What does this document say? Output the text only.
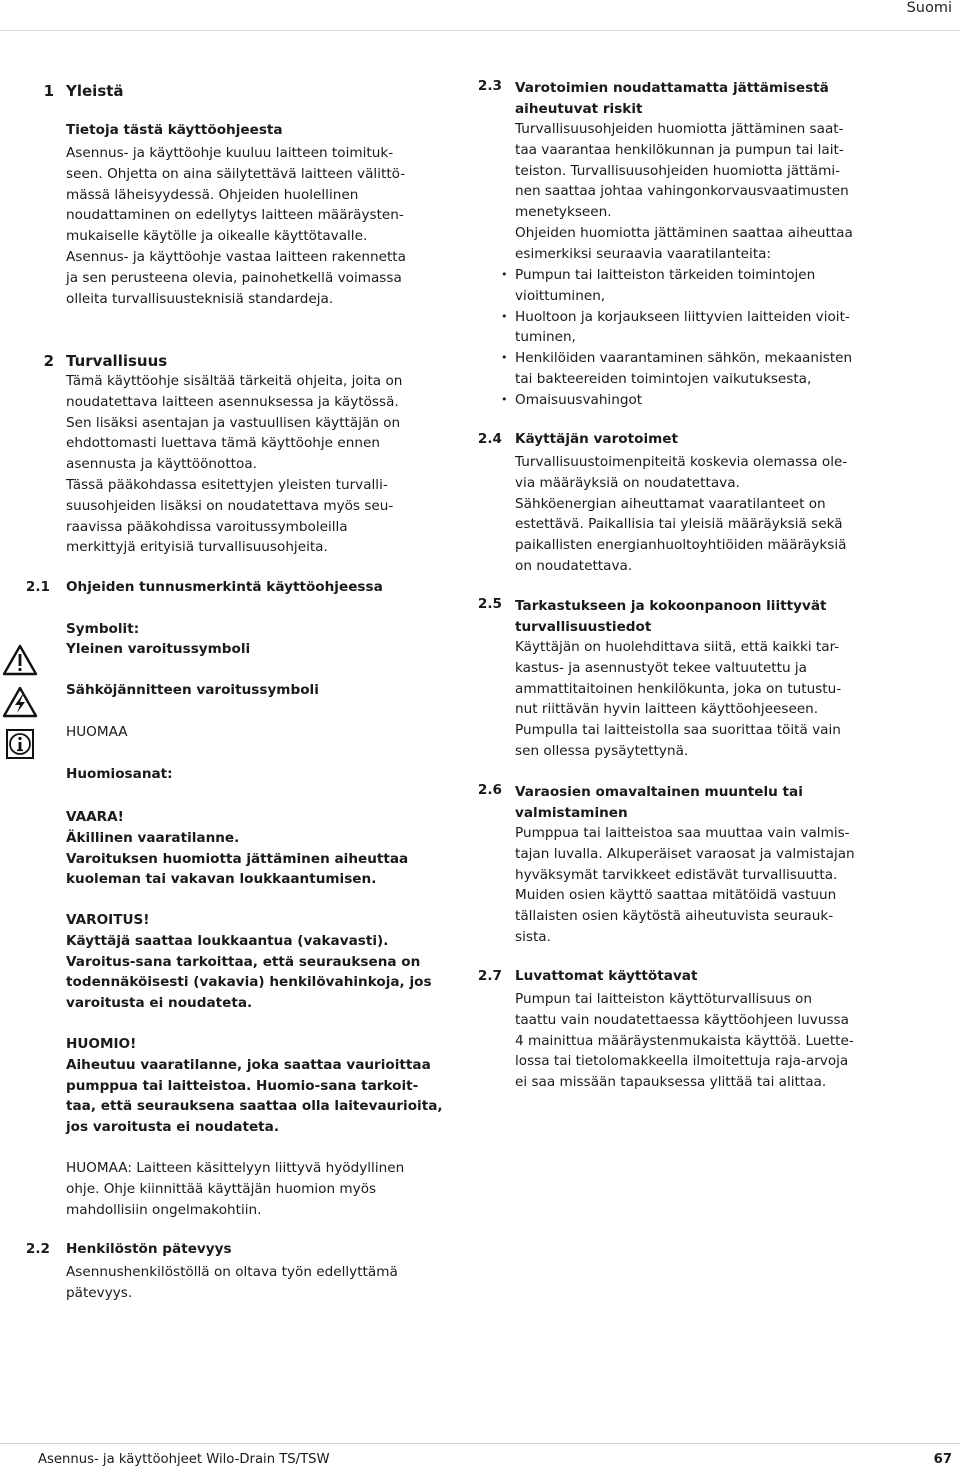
Suomi
1 Yleistä
Tietoja tästä käyttöohjeesta
Asennus- ja käyttöohje kuuluu laitteen toimituk-
seen. Ohjetta on aina säilytettävä laitteen välittö-
mässä läheisyydessä. Ohjeiden huolellinen
noudattaminen on edellytys laitteen määräysten-
mukaiselle käytölle ja oikealle käyttötavalle.
Asennus- ja käyttöohje vastaa laitteen rakennetta
ja sen perusteena olevia, painohetkellä voimassa
olleita turvallisuusteknisiä standardeja.
2 Turvallisuus
Tämä käyttöohje sisältää tärkeitä ohjeita, joita on
noudatettava laitteen asennuksessa ja käytössä.
Sen lisäksi asentajan ja vastuullisen käyttäjän on
ehdottomasti luettava tämä käyttöohje ennen
asennusta ja käyttöönottoa.
Tässä pääkohdassa esitettyjen yleisten turvalli-
suusohjeiden lisäksi on noudatettava myös seu-
raavissa pääkohdissa varoitussymboleilla
merkittyjä erityisiä turvallisuusohjeita.
2.1 Ohjeiden tunnusmerkintä käyttöohjeessa
Symbolit:
Yleinen varoitussymboli
Sähköjännitteen varoitussymboli
HUOMAA
Huomiosanat:
VAARA!
Äkillinen vaaratilanne.
Varoituksen huomiotta jättäminen aiheuttaa
kuoleman tai vakavan loukkaantumisen.
VAROITUS!
Käyttäjä saattaa loukkaantua (vakavasti).
Varoitus-sana tarkoittaa, että seurauksena on
todennäköisesti (vakavia) henkilövahinkoja, jos
varoitusta ei noudateta.
HUOMIO!
Aiheutuu vaaratilanne, joka saattaa vaurioittaa
pumppua tai laitteistoa. Huomio-sana tarkoit-
taa, että seurauksena saattaa olla laitevaurioita,
jos varoitusta ei noudateta.
HUOMAA: Laitteen käsittelyyn liittyvä hyödyllinen
ohje. Ohje kiinnittää käyttäjän huomion myös
mahdollisiin ongelmakohtiin.
2.2 Henkilöstön pätevyys
Asennushenkilöstöllä on oltava työn edellyttämä
pätevyys.
2.3 Varotoimien noudattamatta jättämisestä
aiheutuvat riskit
Turvallisuusohjeiden huomiotta jättäminen saat-
taa vaarantaa henkilökunnan ja pumpun tai lait-
teiston. Turvallisuusohjeiden huomiotta jättämi-
nen saattaa johtaa vahingonkorvausvaatimusten
menetykseen.
Ohjeiden huomiotta jättäminen saattaa aiheuttaa
esimerkiksi seuraavia vaaratilanteita:
• Pumpun tai laitteiston tärkeiden toimintojen
vioittuminen,
• Huoltoon ja korjaukseen liittyvien laitteiden vioit-
tuminen,
• Henkilöiden vaarantaminen sähkön, mekaanisten
tai bakteereiden toimintojen vaikutuksesta,
• Omaisuusvahingot
2.4 Käyttäjän varotoimet
Turvallisuustoimenpiteitä koskevia olemassa ole-
via määräyksiä on noudatettava.
Sähköenergian aiheuttamat vaaratilanteet on
estettävä. Paikallisia tai yleisiä määräyksiä sekä
paikallisten energianhuoltoyhtiöiden määräyksiä
on noudatettava.
2.5 Tarkastukseen ja kokoonpanoon liittyvät
turvallisuustiedot
Käyttäjän on huolehdittava siitä, että kaikki tar-
kastus- ja asennustyöt tekee valtuutettu ja
ammattitaitoinen henkilökunta, joka on tutustu-
nut riittävän hyvin laitteen käyttöohjeeseen.
Pumpulla tai laitteistolla saa suorittaa töitä vain
sen ollessa pysäytettynä.
2.6 Varaosien omavaltainen muuntelu tai
valmistaminen
Pumppua tai laitteistoa saa muuttaa vain valmis-
tajan luvalla. Alkuperäiset varaosat ja valmistajan
hyväksymät tarvikkeet edistävät turvallisuutta.
Muiden osien käyttö saattaa mitätöidä vastuun
tällaisten osien käytöstä aiheutuvista seurauk-
sista.
2.7 Luvattomat käyttötavat
Pumpun tai laitteiston käyttöturvallisuus on
taattu vain noudatettaessa käyttöohjeen luvussa
4 mainittua määräystenmukaista käyttöä. Luette-
lossa tai tietolomakkeella ilmoitettuja raja-arvoja
ei saa missään tapauksessa ylittää tai alittaa.
Asennus- ja käyttöohjeet Wilo-Drain TS/TSW	67
